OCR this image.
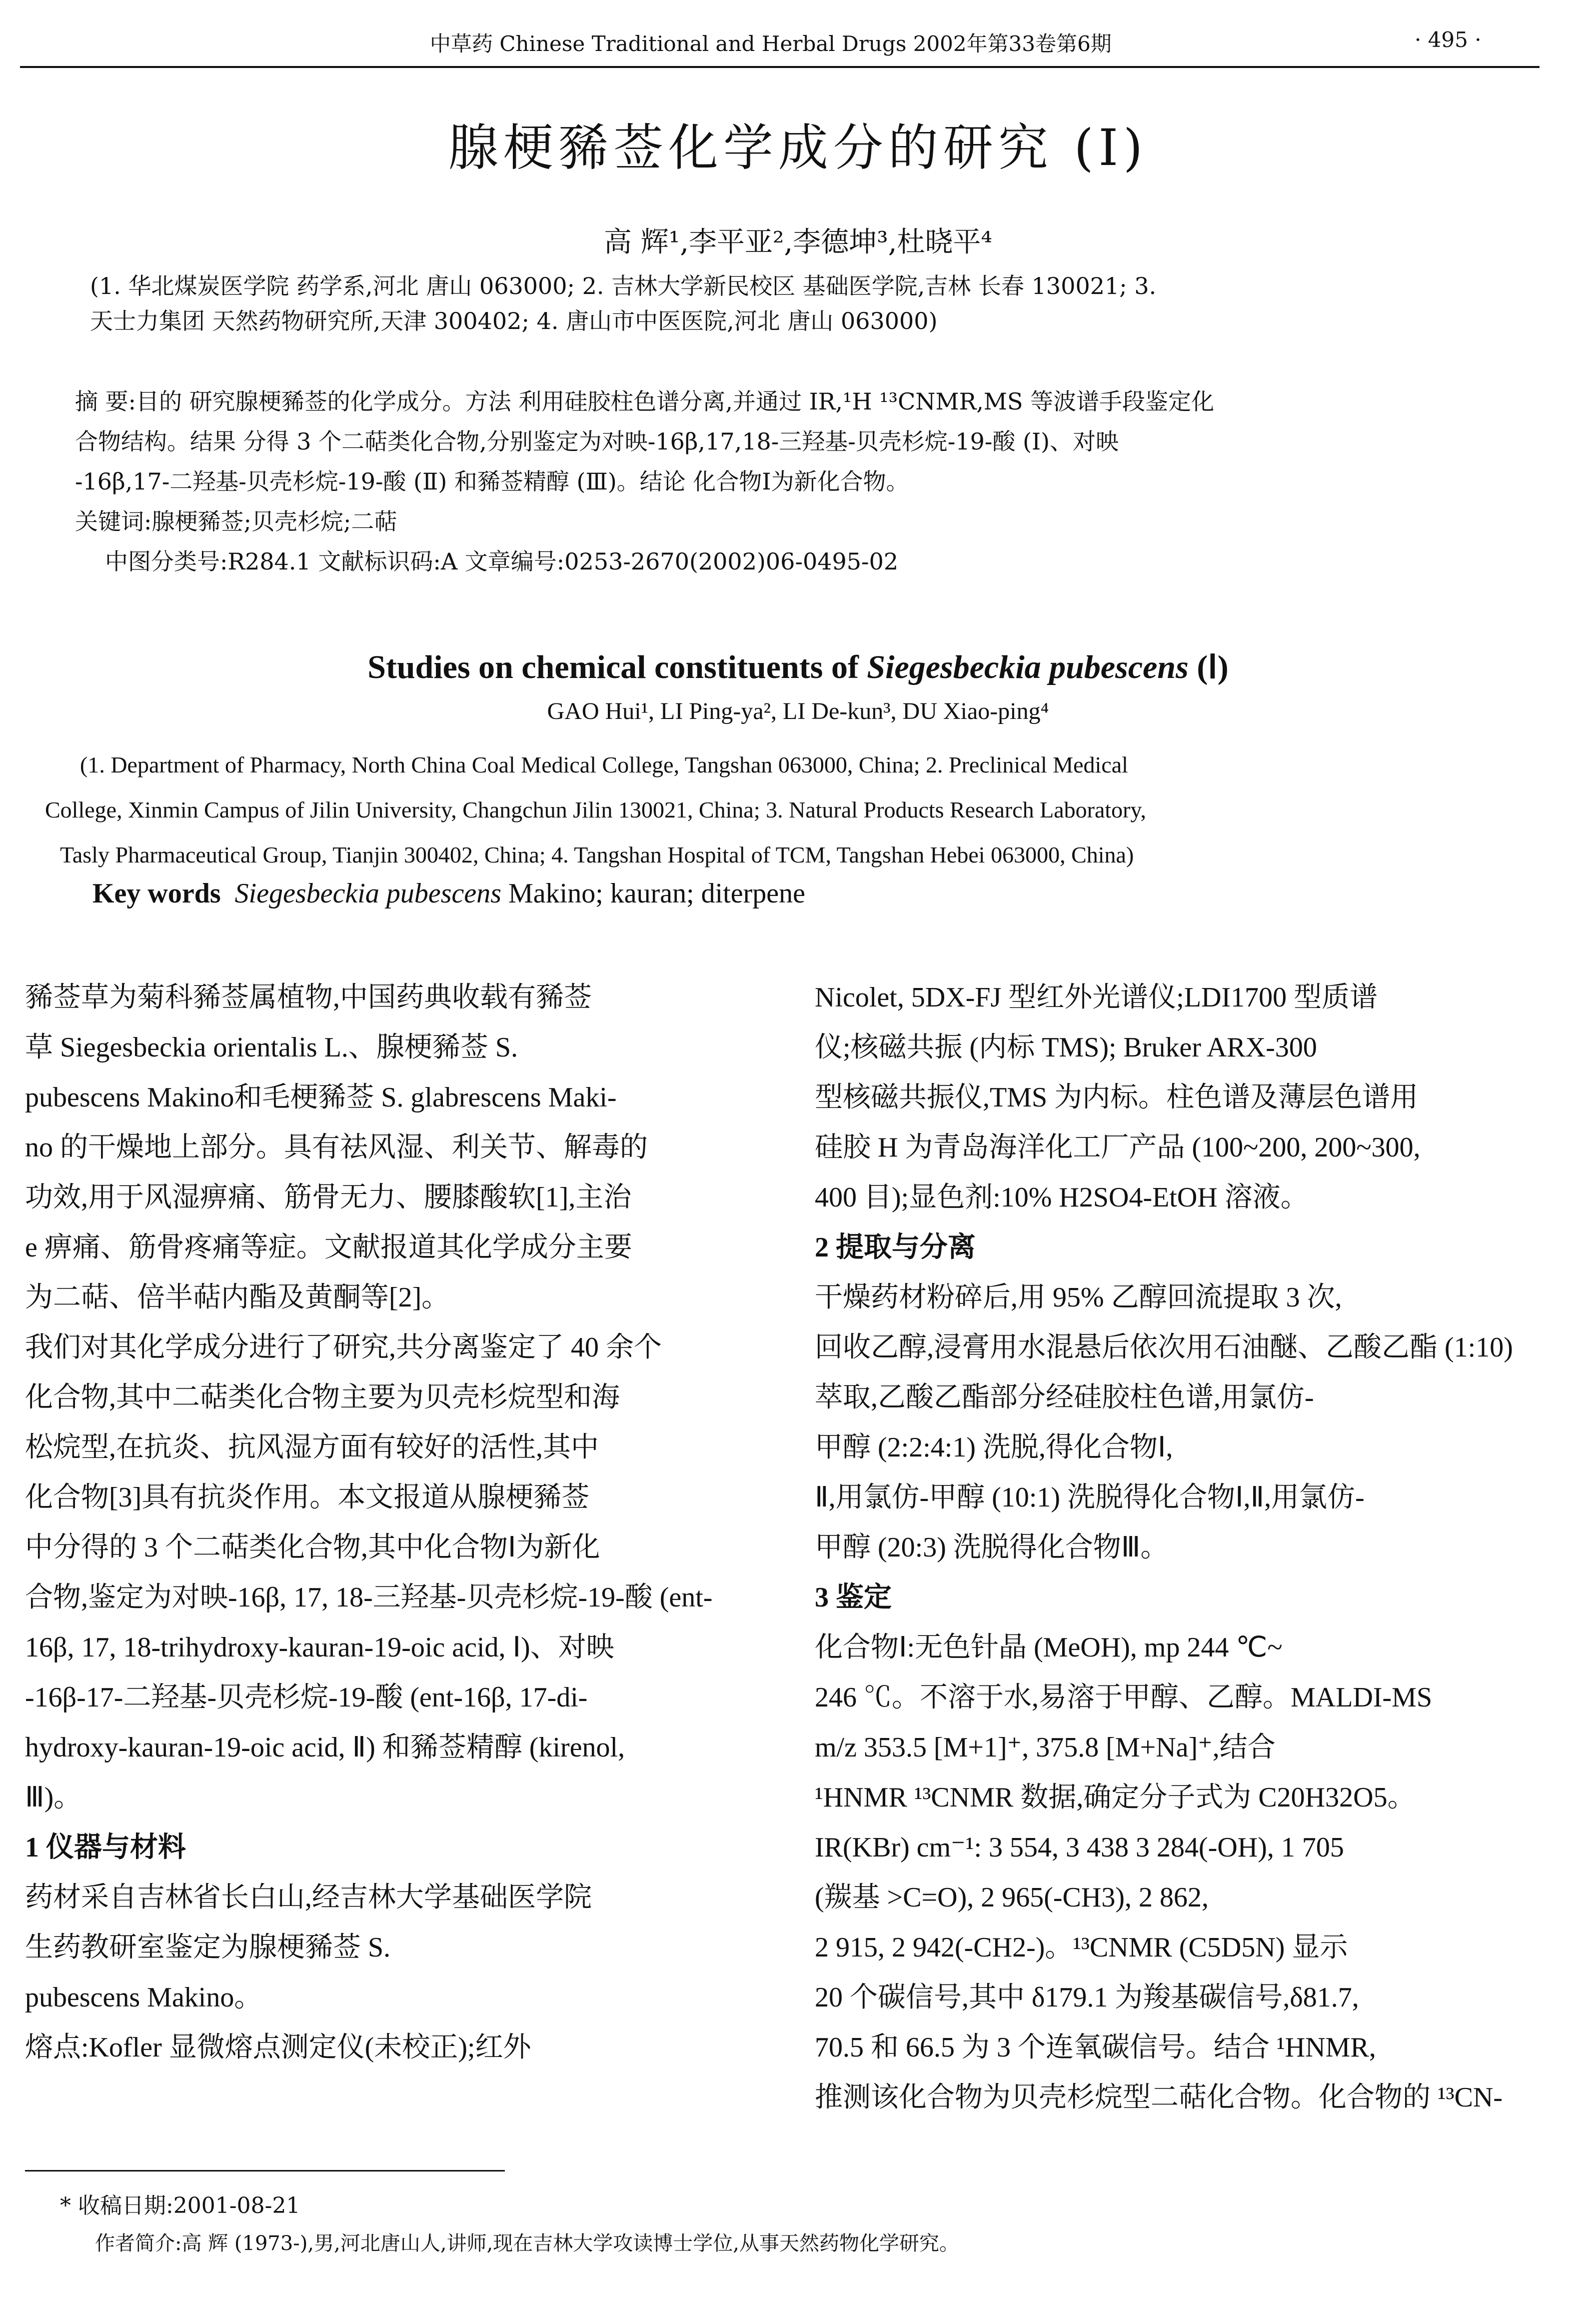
中草药 Chinese Traditional and Herbal Drugs 2002年第33卷第6期	· 495 ·
腺梗豨莶化学成分的研究 (Ⅰ)
高 辉¹,李平亚²,李德坤³,杜晓平⁴
(1. 华北煤炭医学院 药学系,河北 唐山 063000; 2. 吉林大学新民校区 基础医学院,吉林 长春 130021; 3.
天士力集团 天然药物研究所,天津 300402; 4. 唐山市中医医院,河北 唐山 063000)
摘 要:目的 研究腺梗豨莶的化学成分。方法 利用硅胶柱色谱分离,并通过 IR,¹H ¹³CNMR,MS 等波谱手段鉴定化
合物结构。结果 分得 3 个二萜类化合物,分别鉴定为对映-16β,17,18-三羟基-贝壳杉烷-19-酸 (Ⅰ)、对映
-16β,17-二羟基-贝壳杉烷-19-酸 (Ⅱ) 和豨莶精醇 (Ⅲ)。结论 化合物Ⅰ为新化合物。
关键词:腺梗豨莶;贝壳杉烷;二萜
中图分类号:R284.1 文献标识码:A 文章编号:0253-2670(2002)06-0495-02
Studies on chemical constituents of Siegesbeckia pubescens (Ⅰ)
GAO Hui¹, LI Ping-ya², LI De-kun³, DU Xiao-ping⁴
(1. Department of Pharmacy, North China Coal Medical College, Tangshan 063000, China; 2. Preclinical Medical
College, Xinmin Campus of Jilin University, Changchun Jilin 130021, China; 3. Natural Products Research Laboratory,
Tasly Pharmaceutical Group, Tianjin 300402, China; 4. Tangshan Hospital of TCM, Tangshan Hebei 063000, China)
Key words Siegesbeckia pubescens Makino; kauran; diterpene

豨莶草为菊科豨莶属植物,中国药典收载有豨莶

草 Siegesbeckia orientalis L.、腺梗豨莶 S.

pubescens Makino和毛梗豨莶 S. glabrescens Maki-

no 的干燥地上部分。具有祛风湿、利关节、解毒的

功效,用于风湿痹痛、筋骨无力、腰膝酸软[1],主治

e 痹痛、筋骨疼痛等症。文献报道其化学成分主要

为二萜、倍半萜内酯及黄酮等[2]。

我们对其化学成分进行了研究,共分离鉴定了 40 余个

化合物,其中二萜类化合物主要为贝壳杉烷型和海

松烷型,在抗炎、抗风湿方面有较好的活性,其中

化合物[3]具有抗炎作用。本文报道从腺梗豨莶

中分得的 3 个二萜类化合物,其中化合物Ⅰ为新化

合物,鉴定为对映-16β, 17, 18-三羟基-贝壳杉烷-19-酸 (ent-

16β, 17, 18-trihydroxy-kauran-19-oic acid, Ⅰ)、对映

-16β-17-二羟基-贝壳杉烷-19-酸 (ent-16β, 17-di-

hydroxy-kauran-19-oic acid, Ⅱ) 和豨莶精醇 (kirenol,

Ⅲ)。

1 仪器与材料

药材采自吉林省长白山,经吉林大学基础医学院

生药教研室鉴定为腺梗豨莶 S.

pubescens Makino。

熔点:Kofler 显微熔点测定仪(未校正);红外

Nicolet, 5DX-FJ 型红外光谱仪;LDI1700 型质谱

仪;核磁共振 (内标 TMS); Bruker ARX-300

型核磁共振仪,TMS 为内标。柱色谱及薄层色谱用

硅胶 H 为青岛海洋化工厂产品 (100~200, 200~300,

400 目);显色剂:10% H2SO4-EtOH 溶液。

2 提取与分离

干燥药材粉碎后,用 95% 乙醇回流提取 3 次,

回收乙醇,浸膏用水混悬后依次用石油醚、乙酸乙酯 (1:10)

萃取,乙酸乙酯部分经硅胶柱色谱,用氯仿-

甲醇 (2:2:4:1) 洗脱,得化合物Ⅰ,

Ⅱ,用氯仿-甲醇 (10:1) 洗脱得化合物Ⅰ,Ⅱ,用氯仿-

甲醇 (20:3) 洗脱得化合物Ⅲ。

3 鉴定

化合物Ⅰ:无色针晶 (MeOH), mp 244 ℃~

246 ℃。不溶于水,易溶于甲醇、乙醇。MALDI-MS

m/z 353.5 [M+1]⁺, 375.8 [M+Na]⁺,结合

¹HNMR ¹³CNMR 数据,确定分子式为 C20H32O5。

IR(KBr) cm⁻¹: 3 554, 3 438 3 284(-OH), 1 705

(羰基 >C=O), 2 965(-CH3), 2 862,

2 915, 2 942(-CH2-)。¹³CNMR (C5D5N) 显示

20 个碳信号,其中 δ179.1 为羧基碳信号,δ81.7,

70.5 和 66.5 为 3 个连氧碳信号。结合 ¹HNMR,

推测该化合物为贝壳杉烷型二萜化合物。化合物的 ¹³CN-

* 收稿日期:2001-08-21
作者简介:高 辉 (1973-),男,河北唐山人,讲师,现在吉林大学攻读博士学位,从事天然药物化学研究。
